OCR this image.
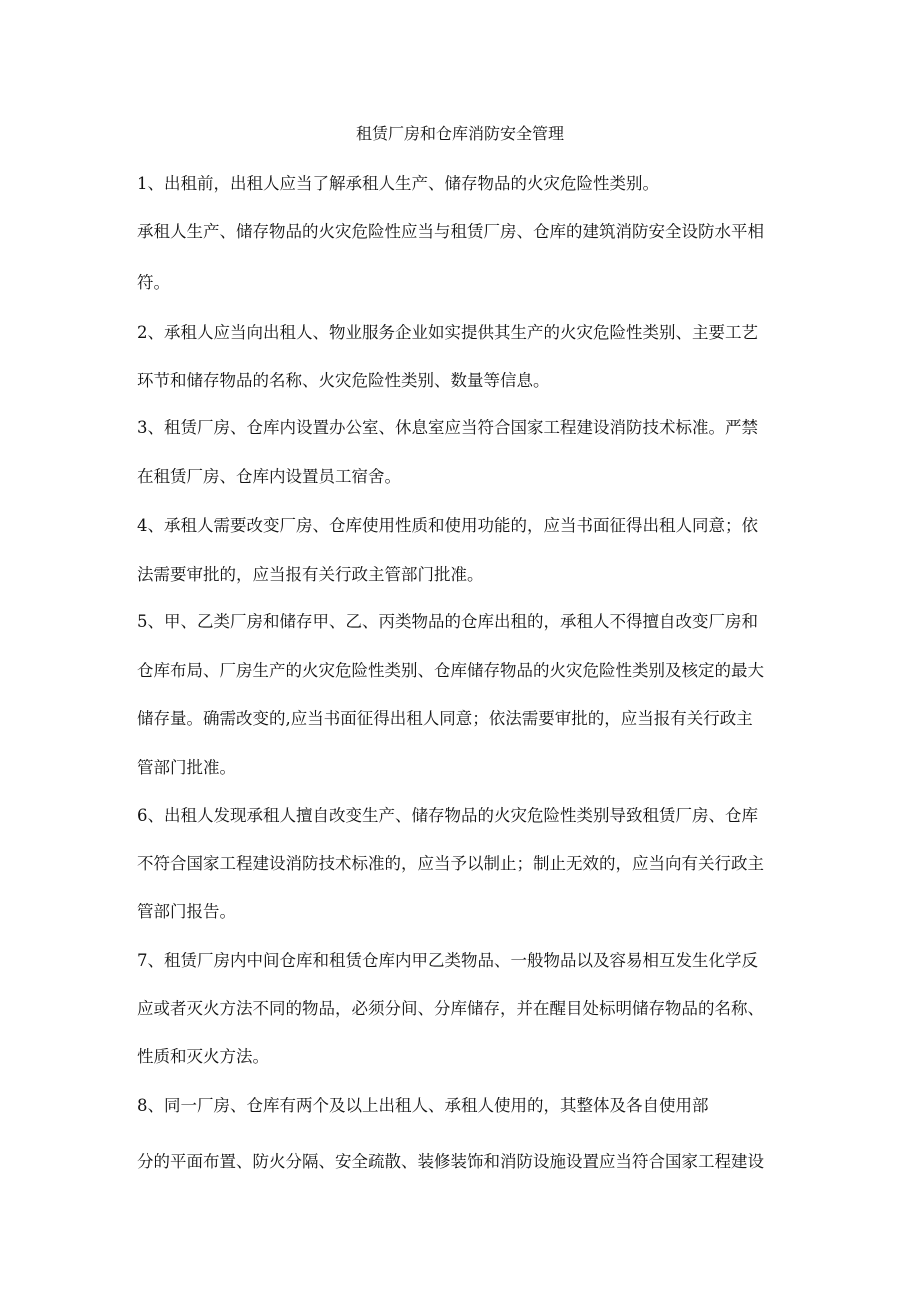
租赁厂房和仓库消防安全管理
1、出租前，出租人应当了解承租人生产、储存物品的火灾危险性类别。
承租人生产、储存物品的火灾危险性应当与租赁厂房、仓库的建筑消防安全设防水平相
符。
2、承租人应当向出租人、物业服务企业如实提供其生产的火灾危险性类别、主要工艺
环节和储存物品的名称、火灾危险性类别、数量等信息。
3、租赁厂房、仓库内设置办公室、休息室应当符合国家工程建设消防技术标准。严禁
在租赁厂房、仓库内设置员工宿舍。
4、承租人需要改变厂房、仓库使用性质和使用功能的，应当书面征得出租人同意；依
法需要审批的，应当报有关行政主管部门批准。
5、甲、乙类厂房和储存甲、乙、丙类物品的仓库出租的，承租人不得擅自改变厂房和
仓库布局、厂房生产的火灾危险性类别、仓库储存物品的火灾危险性类别及核定的最大
储存量。确需改变的,应当书面征得出租人同意；依法需要审批的，应当报有关行政主
管部门批准。
6、出租人发现承租人擅自改变生产、储存物品的火灾危险性类别导致租赁厂房、仓库
不符合国家工程建设消防技术标准的，应当予以制止；制止无效的，应当向有关行政主
管部门报告。
7、租赁厂房内中间仓库和租赁仓库内甲乙类物品、一般物品以及容易相互发生化学反
应或者灭火方法不同的物品，必须分间、分库储存，并在醒目处标明储存物品的名称、
性质和灭火方法。
8、同一厂房、仓库有两个及以上出租人、承租人使用的，其整体及各自使用部
分的平面布置、防火分隔、安全疏散、装修装饰和消防设施设置应当符合国家工程建设
